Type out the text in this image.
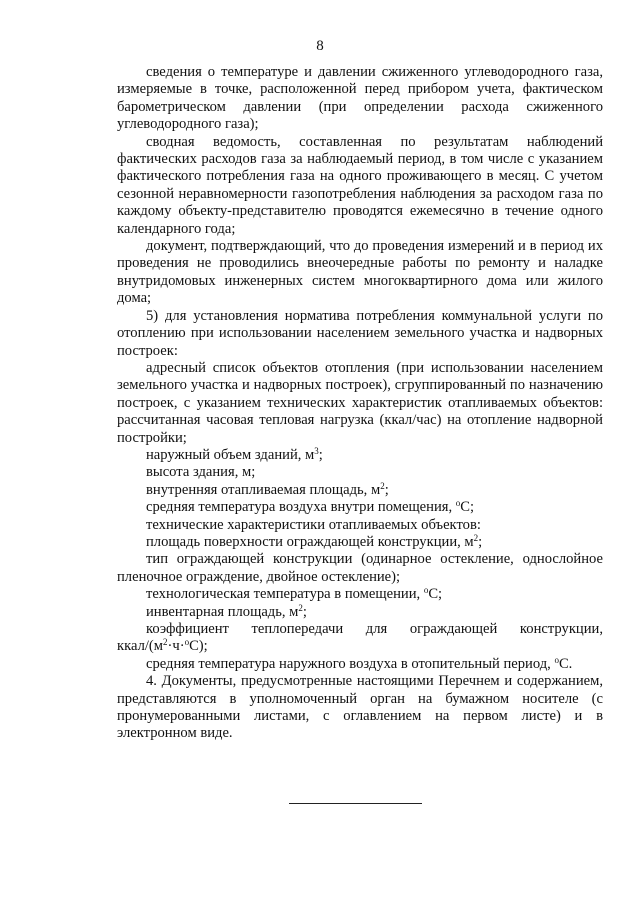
8

сведения о температуре и давлении сжиженного углеводородного газа, измеряемые в точке, расположенной перед прибором учета, фактическом барометрическом давлении (при определении расхода сжиженного углеводородного газа);

сводная ведомость, составленная по результатам наблюдений фактических расходов газа за наблюдаемый период, в том числе с указанием фактического потребления газа на одного проживающего в месяц. С учетом сезонной неравномерности газопотребления наблюдения за расходом газа по каждому объекту-представителю проводятся ежемесячно в течение одного календарного года;

документ, подтверждающий, что до проведения измерений и в период их проведения не проводились внеочередные работы по ремонту и наладке внутридомовых инженерных систем многоквартирного дома или жилого дома;

5) для установления норматива потребления коммунальной услуги по отоплению при использовании населением земельного участка и надворных построек:

адресный список объектов отопления (при использовании населением земельного участка и надворных построек), сгруппированный по назначению построек, с указанием технических характеристик отапливаемых объектов: рассчитанная часовая тепловая нагрузка (ккал/час) на отопление надворной постройки;

наружный объем зданий, $м^3$;

высота здания, м;

внутренняя отапливаемая площадь, $м^2$;

средняя температура воздуха внутри помещения, $^о$С;

технические характеристики отапливаемых объектов:

площадь поверхности ограждающей конструкции, $м^2$;

тип ограждающей конструкции (одинарное остекление, однослойное пленочное ограждение, двойное остекление);

технологическая температура в помещении, $^о$С;

инвентарная площадь, $м^2$;

коэффициент теплопередачи для ограждающей конструкции, ккал/$(м^2\cdot ч\cdot^оС)$;

средняя температура наружного воздуха в отопительный период, $^о$С.

4. Документы, предусмотренные настоящими Перечнем и содержанием, представляются в уполномоченный орган на бумажном носителе (с пронумерованными листами, с оглавлением на первом листе) и в электронном виде.
